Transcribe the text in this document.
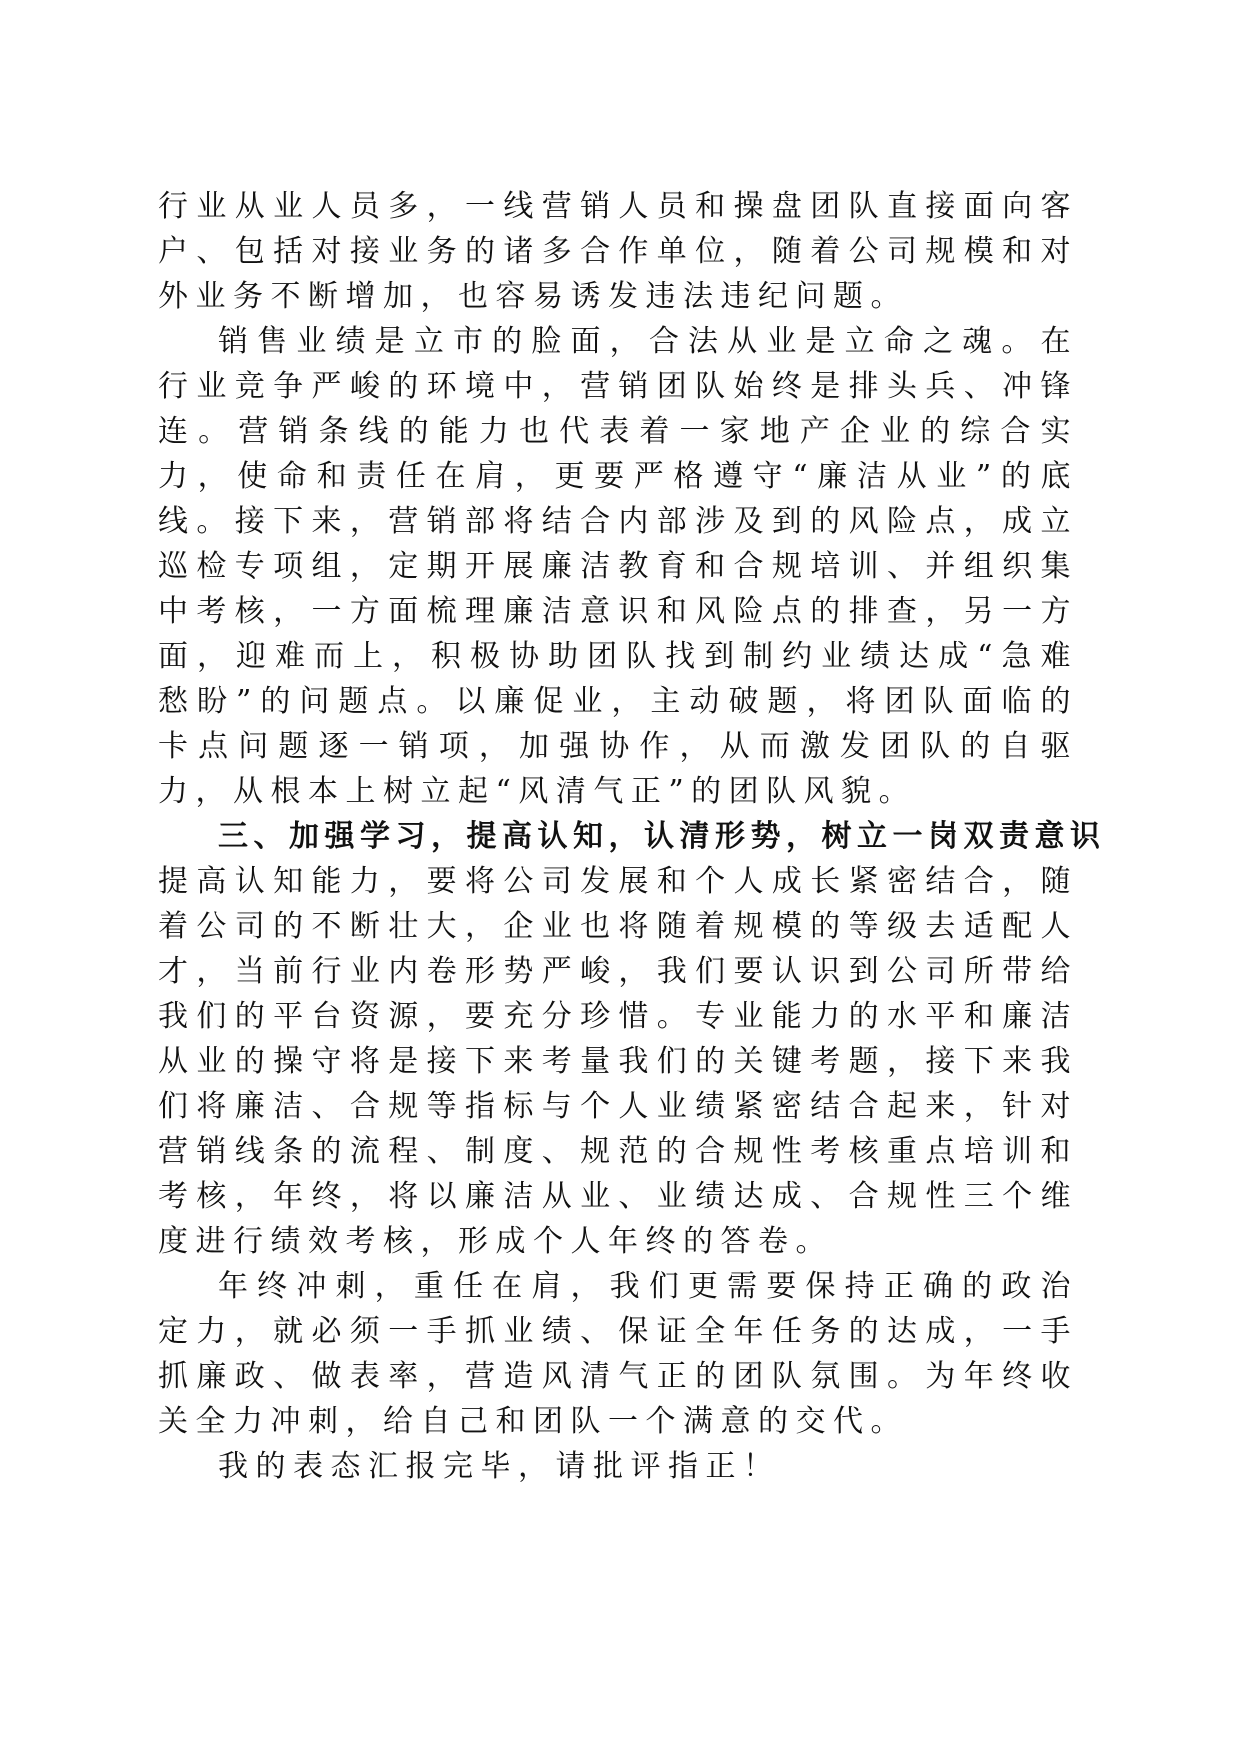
行业从业人员多，一线营销人员和操盘团队直接面向客户、包括对接业务的诸多合作单位，随着公司规模和对外业务不断增加，也容易诱发违法违纪问题。

销售业绩是立市的脸面，合法从业是立命之魂。在行业竞争严峻的环境中，营销团队始终是排头兵、冲锋连。营销条线的能力也代表着一家地产企业的综合实力，使命和责任在肩，更要严格遵守“廉洁从业”的底线。接下来，营销部将结合内部涉及到的风险点，成立巡检专项组，定期开展廉洁教育和合规培训、并组织集中考核，一方面梳理廉洁意识和风险点的排查，另一方面，迎难而上，积极协助团队找到制约业绩达成“急难愁盼”的问题点。以廉促业，主动破题，将团队面临的卡点问题逐一销项，加强协作，从而激发团队的自驱力，从根本上树立起“风清气正”的团队风貌。

三、加强学习，提高认知，认清形势，树立一岗双责意识

提高认知能力，要将公司发展和个人成长紧密结合，随着公司的不断壮大，企业也将随着规模的等级去适配人才，当前行业内卷形势严峻，我们要认识到公司所带给我们的平台资源，要充分珍惜。专业能力的水平和廉洁从业的操守将是接下来考量我们的关键考题，接下来我们将廉洁、合规等指标与个人业绩紧密结合起来，针对营销线条的流程、制度、规范的合规性考核重点培训和考核，年终，将以廉洁从业、业绩达成、合规性三个维度进行绩效考核，形成个人年终的答卷。

年终冲刺，重任在肩，我们更需要保持正确的政治定力，就必须一手抓业绩、保证全年任务的达成，一手抓廉政、做表率，营造风清气正的团队氛围。为年终收关全力冲刺，给自己和团队一个满意的交代。

我的表态汇报完毕，请批评指正！
